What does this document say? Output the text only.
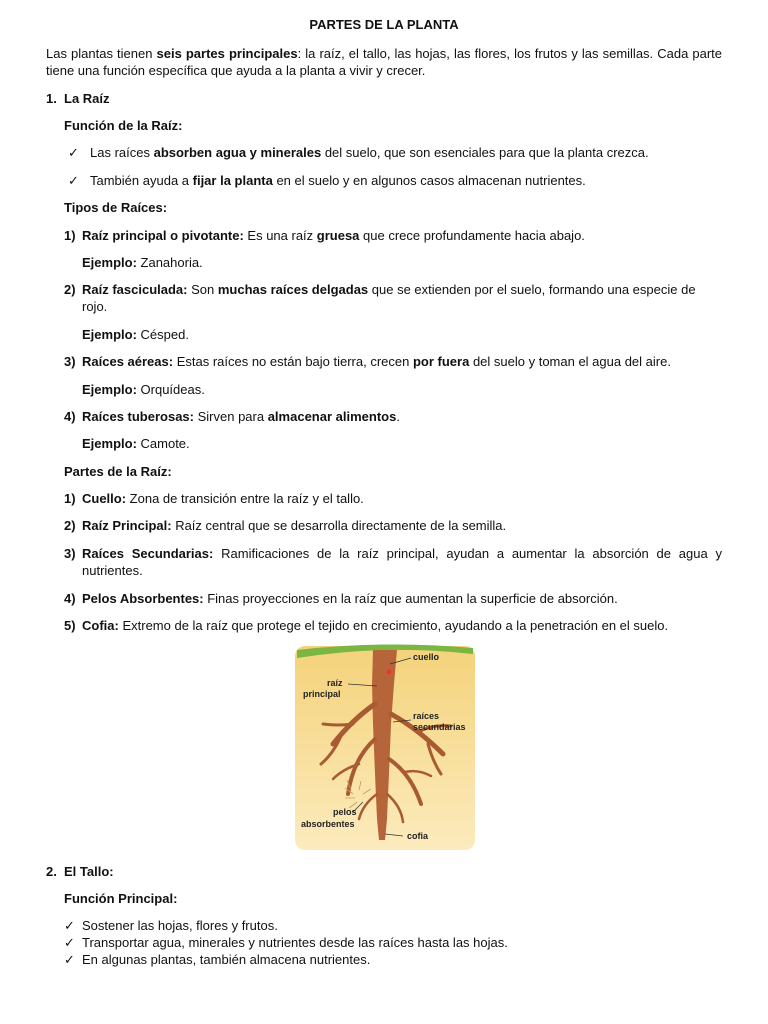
PARTES DE LA PLANTA
Las plantas tienen seis partes principales: la raíz, el tallo, las hojas, las flores, los frutos y las semillas. Cada parte tiene una función específica que ayuda a la planta a vivir y crecer.
1. La Raíz
Función de la Raíz:
✓ Las raíces absorben agua y minerales del suelo, que son esenciales para que la planta crezca.
✓ También ayuda a fijar la planta en el suelo y en algunos casos almacenan nutrientes.
Tipos de Raíces:
1) Raíz principal o pivotante: Es una raíz gruesa que crece profundamente hacia abajo.
Ejemplo: Zanahoria.
2) Raíz fasciculada: Son muchas raíces delgadas que se extienden por el suelo, formando una especie de rojo.
Ejemplo: Césped.
3) Raíces aéreas: Estas raíces no están bajo tierra, crecen por fuera del suelo y toman el agua del aire.
Ejemplo: Orquídeas.
4) Raíces tuberosas: Sirven para almacenar alimentos.
Ejemplo: Camote.
Partes de la Raíz:
1) Cuello: Zona de transición entre la raíz y el tallo.
2) Raíz Principal: Raíz central que se desarrolla directamente de la semilla.
3) Raíces Secundarias: Ramificaciones de la raíz principal, ayudan a aumentar la absorción de agua y nutrientes.
4) Pelos Absorbentes: Finas proyecciones en la raíz que aumentan la superficie de absorción.
5) Cofia: Extremo de la raíz que protege el tejido en crecimiento, ayudando a la penetración en el suelo.
cuello
raíz
principal
raíces
secundarias
pelos
absorbentes
cofia
2. El Tallo:
Función Principal:
✓ Sostener las hojas, flores y frutos.
✓ Transportar agua, minerales y nutrientes desde las raíces hasta las hojas.
✓ En algunas plantas, también almacena nutrientes.
